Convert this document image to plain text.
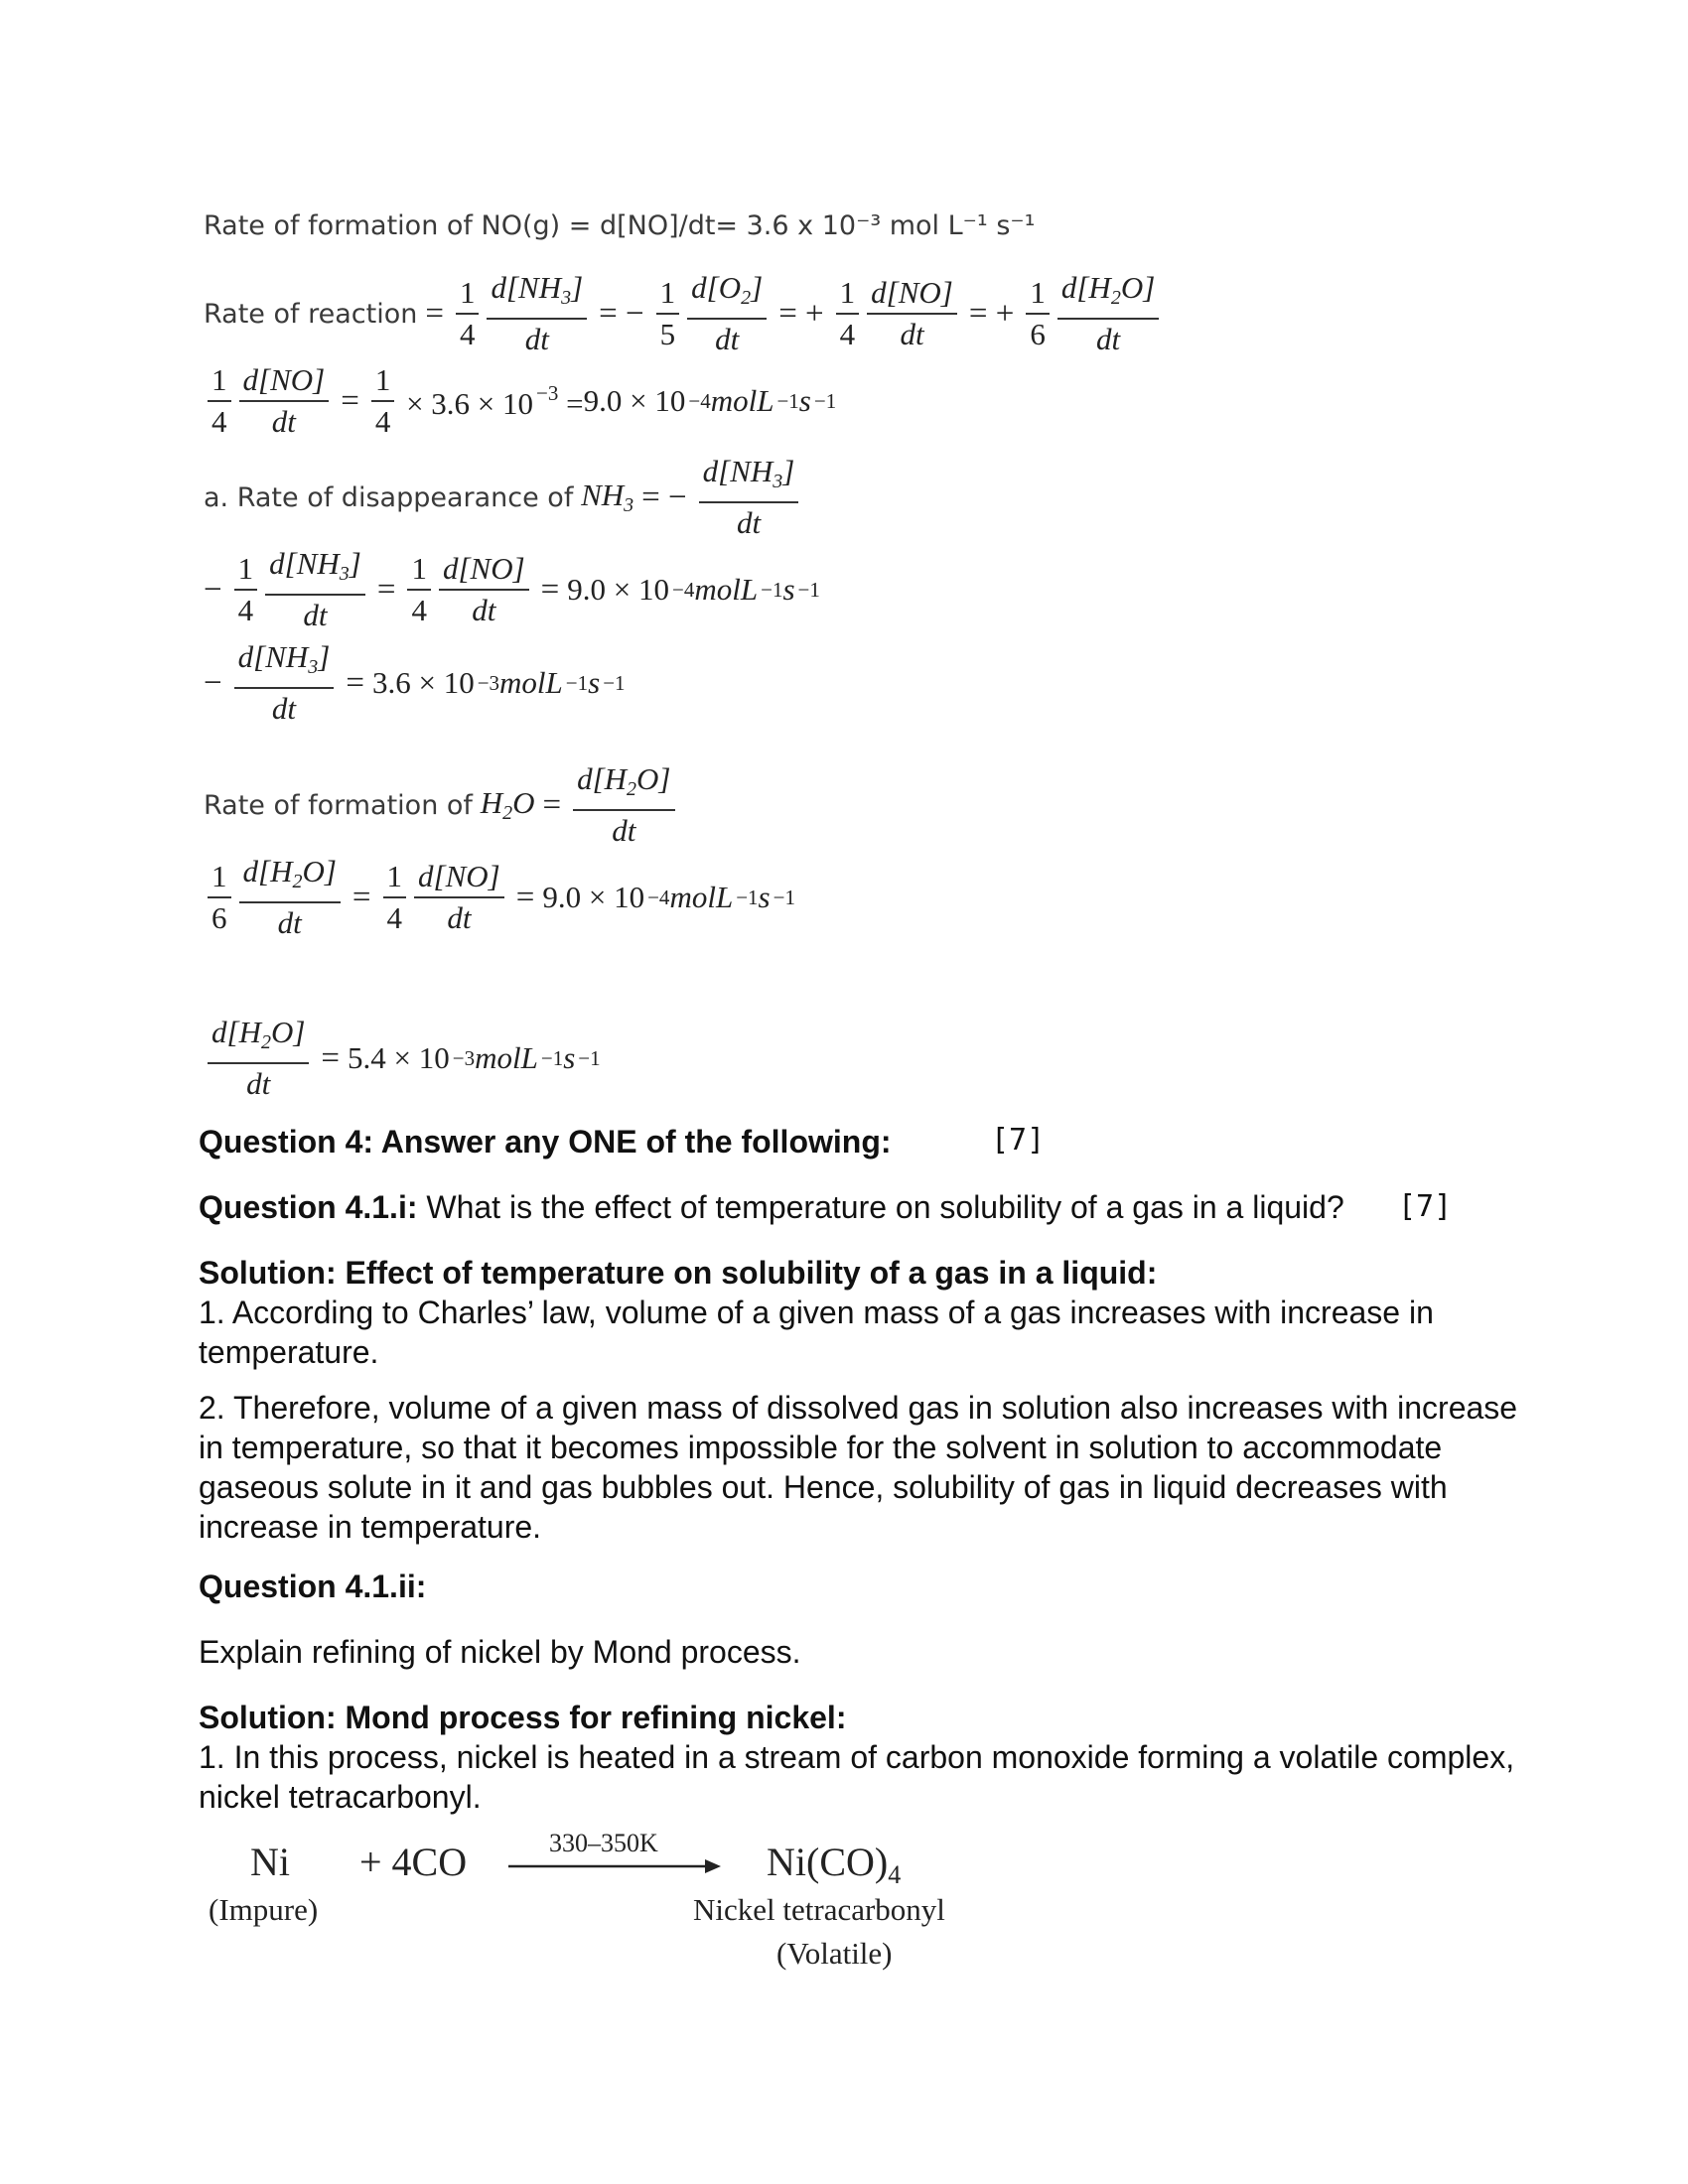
Rate of formation of NO(g) = d[NO]/dt= 3.6 x 10⁻³ mol L⁻¹ s⁻¹
Rate of reaction = $\frac{1}{4} \frac{d[NH_3]}{dt}$ = − $\frac{1}{5} \frac{d[O_2]}{dt}$ = + $\frac{1}{4} \frac{d[NO]}{dt}$ = + $\frac{1}{6} \frac{d[H_2O]}{dt}$
$\frac{1}{4} \frac{d[NO]}{dt} = \frac{1}{4} \times 3.6 \times 10$ $^{-3}$ = 9.0 × 10 −4 molL −1 s −1
a. Rate of disappearance of $NH_3$ = − $\frac{d[NH_3]}{dt}$
− $\frac{1}{4} \frac{d[NH_3]}{dt} = \frac{1}{4} \frac{d[NO]}{dt} = 9.0 \times 10 -4$ molL −1 s −1
− $\frac{d[NH_3]}{dt} = 3.6 \times 10 -3$ molL −1 s −1
Rate of formation of $H_2O = \frac{d[H_2O]}{dt}$
$\frac{1}{6} \frac{d[H_2O]}{dt} = \frac{1}{4} \frac{d[NO]}{dt} = 9.0 \times 10 -4$ molL −1 s −1
$\frac{d[H_2O]}{dt} = 5.4 \times 10 -3$ molL −1 s −1
Question 4: Answer any ONE of the following:	[7]
Question 4.1.i: What is the effect of temperature on solubility of a gas in a liquid?	[7]
Solution: Effect of temperature on solubility of a gas in a liquid:
1. According to Charles’ law, volume of a given mass of a gas increases with increase in temperature.
2. Therefore, volume of a given mass of dissolved gas in solution also increases with increase in temperature, so that it becomes impossible for the solvent in solution to accommodate gaseous solute in it and gas bubbles out. Hence, solubility of gas in liquid decreases with increase in temperature.
Question 4.1.ii:
Explain refining of nickel by Mond process.
Solution: Mond process for refining nickel:
1. In this process, nickel is heated in a stream of carbon monoxide forming a volatile complex, nickel tetracarbonyl.
Ni + 4CO	330–350K	$Ni(CO)_4$
(Impure)	Nickel tetracarbonyl
(Volatile)
